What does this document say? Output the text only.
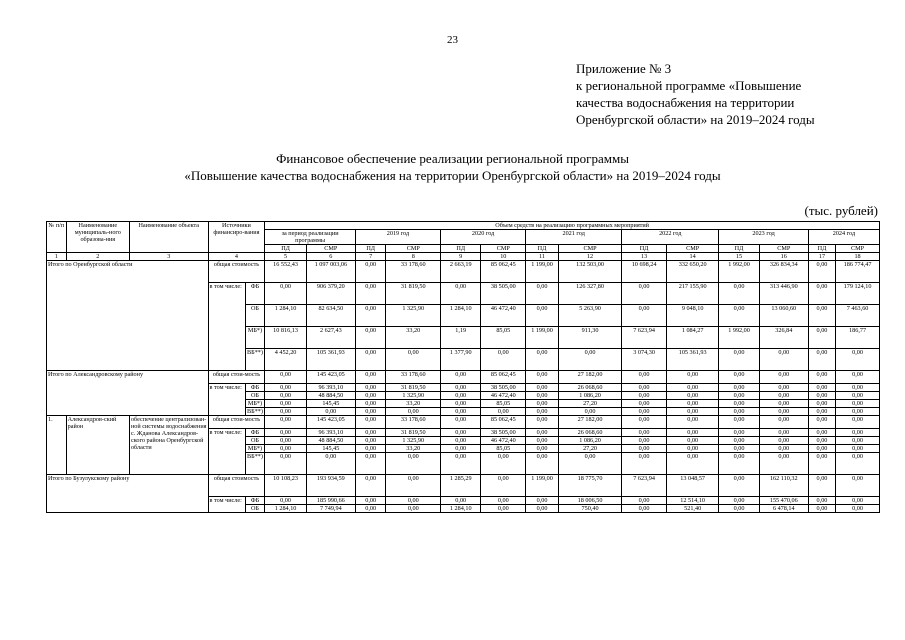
23
Приложение № 3
к региональной программе «Повышение
качества водоснабжения на территории
Оренбургской области» на 2019–2024 годы
Финансовое обеспечение реализации региональной программы
«Повышение качества водоснабжения на территории Оренбургской области» на 2019–2024 годы
(тыс. рублей)
№ п/п	Наименование муниципаль-ного образова-ния	Наименование объекта	Источники финансиро-вания		Объем средств на реализацию программных мероприятий													
					за период реализации программы		2019 год		2020 год		2021 год		2022 год		2023 год		2024 год	
					ПД	СМР	ПД	СМР	ПД	СМР	ПД	СМР	ПД	СМР	ПД	СМР	ПД	СМР
1	2	3	4		5	6	7	8	9	10	11	12	13	14	15	16	17	18
Итого по Оренбургской области			общая стоимость		16 552,43	1 097 003,06	0,00	33 178,60	2 663,19	85 062,45	1 199,00	132 503,00	10 698,24	332 650,20	1 992,00	326 834,34	0,00	186 774,47
			в том числе:	ФБ	0,00	906 379,20	0,00	31 819,50	0,00	38 505,00	0,00	126 327,80	0,00	217 155,90	0,00	313 446,90	0,00	179 124,10
				ОБ	1 284,10	82 634,50	0,00	1 325,90	1 284,10	46 472,40	0,00	5 263,90	0,00	9 048,10	0,00	13 060,60	0,00	7 463,60
				МБ*)	10 816,13	2 627,43	0,00	33,20	1,19	85,05	1 199,00	911,30	7 623,94	1 084,27	1 992,00	326,84	0,00	186,77
				ВБ**)	4 452,20	105 361,93	0,00	0,00	1 377,90	0,00	0,00	0,00	3 074,30	105 361,93	0,00	0,00	0,00	0,00
Итого по Александровскому району			общая стои-мость		0,00	145 423,05	0,00	33 178,60	0,00	85 062,45	0,00	27 182,00	0,00	0,00	0,00	0,00	0,00	0,00
			в том числе:	ФБ	0,00	96 393,10	0,00	31 819,50	0,00	38 505,00	0,00	26 068,60	0,00	0,00	0,00	0,00	0,00	0,00
				ОБ	0,00	48 884,50	0,00	1 325,90	0,00	46 472,40	0,00	1 086,20	0,00	0,00	0,00	0,00	0,00	0,00
				МБ*)	0,00	145,45	0,00	33,20	0,00	85,05	0,00	27,20	0,00	0,00	0,00	0,00	0,00	0,00
				ВБ**)	0,00	0,00	0,00	0,00	0,00	0,00	0,00	0,00	0,00	0,00	0,00	0,00	0,00	0,00
1.	Александров-ский район	обеспечение централизован-ной системы водоснабжения с. Жданова Александров-ского района Оренбургской области	общая стои-мость		0,00	145 423,05	0,00	33 178,60	0,00	85 062,45	0,00	27 182,00	0,00	0,00	0,00	0,00	0,00	0,00
			в том числе:	ФБ	0,00	96 393,10	0,00	31 819,50	0,00	38 505,00	0,00	26 068,60	0,00	0,00	0,00	0,00	0,00	0,00
				ОБ	0,00	48 884,50	0,00	1 325,90	0,00	46 472,40	0,00	1 086,20	0,00	0,00	0,00	0,00	0,00	0,00
				МБ*)	0,00	145,45	0,00	33,20	0,00	85,05	0,00	27,20	0,00	0,00	0,00	0,00	0,00	0,00
				ВБ**)	0,00	0,00	0,00	0,00	0,00	0,00	0,00	0,00	0,00	0,00	0,00	0,00	0,00	0,00
Итого по Бузулукскому району			общая стоимость		10 108,23	193 934,59	0,00	0,00	1 285,29	0,00	1 199,00	18 775,70	7 623,94	13 048,57	0,00	162 110,32	0,00	0,00
			в том числе:	ФБ	0,00	185 990,66	0,00	0,00	0,00	0,00	0,00	18 006,50	0,00	12 514,10	0,00	155 470,06	0,00	0,00
				ОБ	1 284,10	7 749,94	0,00	0,00	1 284,10	0,00	0,00	750,40	0,00	521,40	0,00	6 478,14	0,00	0,00
